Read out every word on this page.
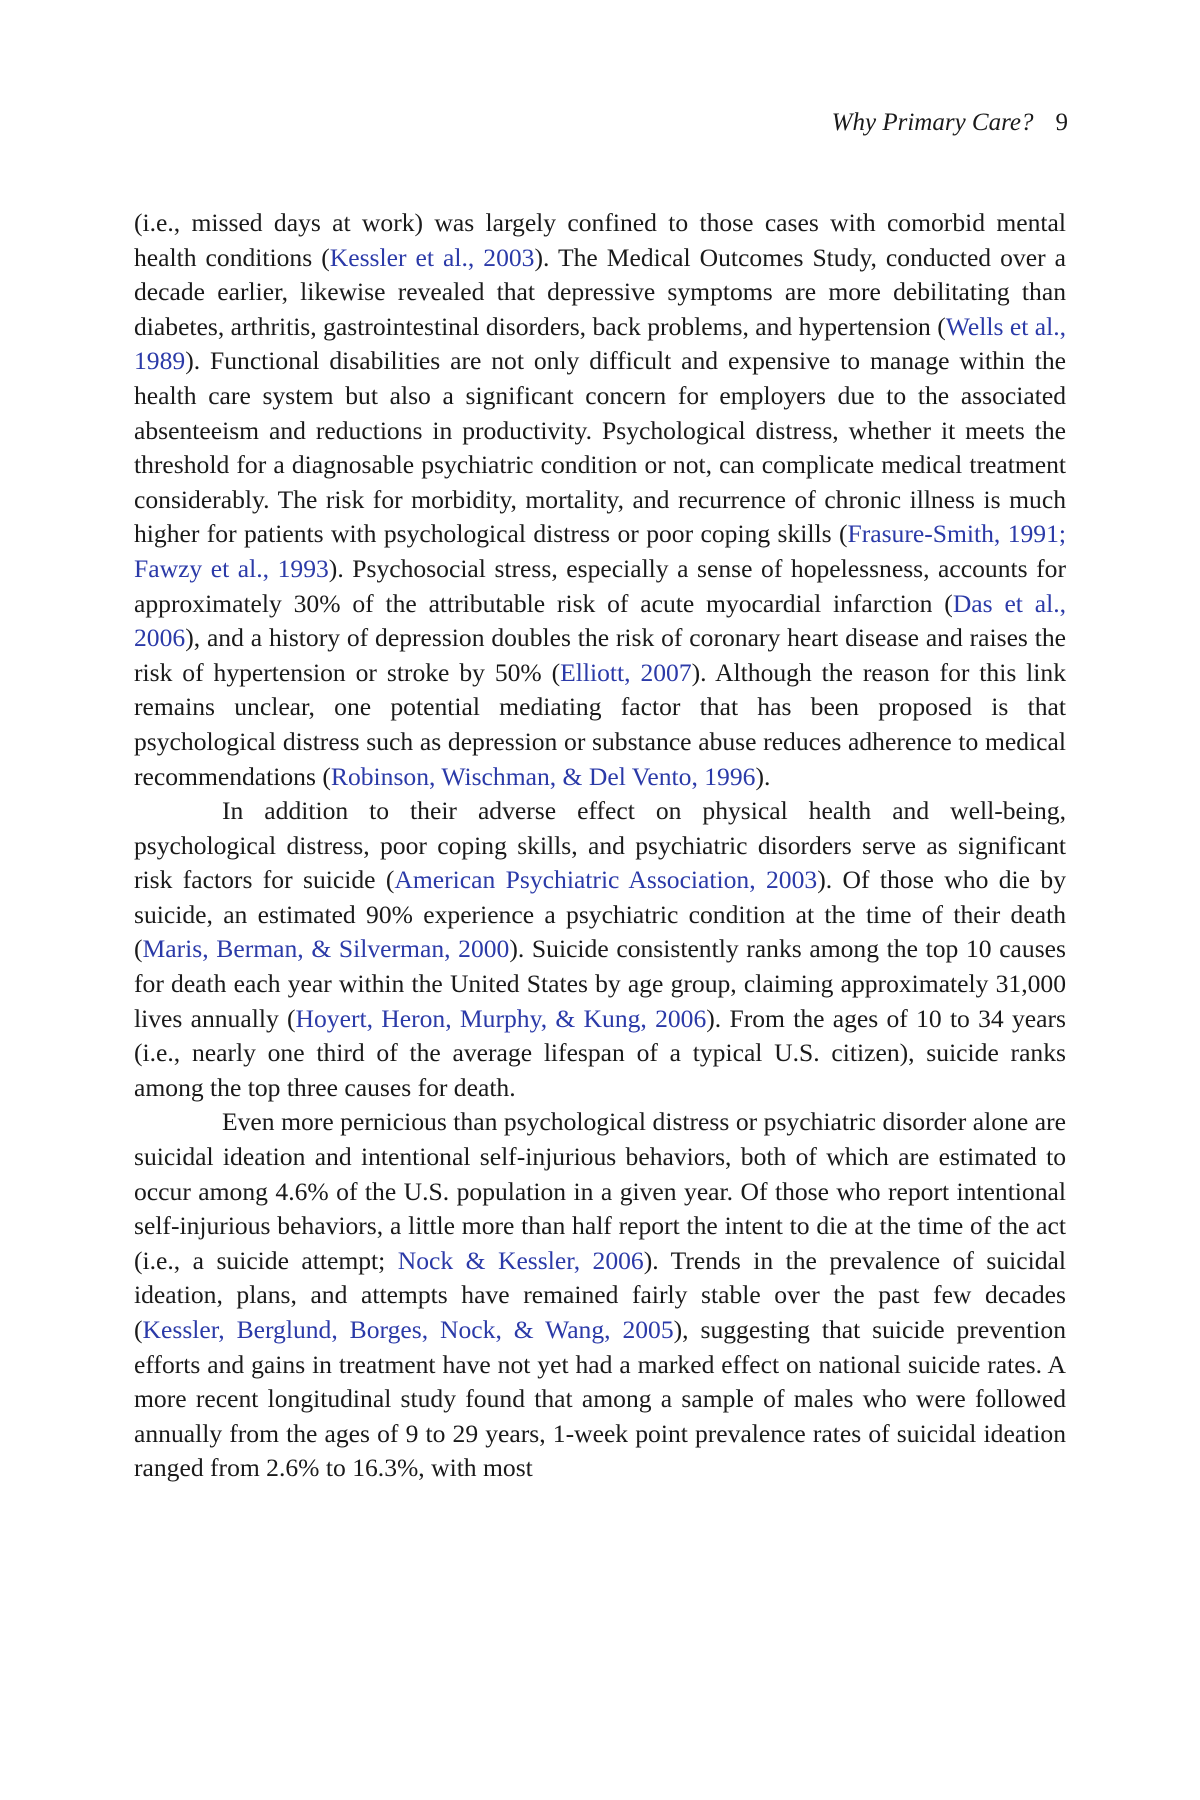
Why Primary Care? 9

(i.e., missed days at work) was largely confined to those cases with comorbid mental health conditions (Kessler et al., 2003). The Medical Outcomes Study, conducted over a decade earlier, likewise revealed that depressive symptoms are more debilitating than diabetes, arthritis, gastrointestinal disorders, back problems, and hypertension (Wells et al., 1989). Functional disabilities are not only difficult and expensive to manage within the health care system but also a significant concern for employers due to the associated absenteeism and reductions in productivity. Psychological distress, whether it meets the threshold for a diagnosable psychiatric condition or not, can complicate medical treatment considerably. The risk for morbidity, mortality, and recurrence of chronic illness is much higher for patients with psychological distress or poor coping skills (Frasure-Smith, 1991; Fawzy et al., 1993). Psychosocial stress, especially a sense of hopelessness, accounts for approximately 30% of the attributable risk of acute myocardial infarction (Das et al., 2006), and a history of depression doubles the risk of coronary heart disease and raises the risk of hypertension or stroke by 50% (Elliott, 2007). Although the reason for this link remains unclear, one potential mediating factor that has been proposed is that psychological distress such as depression or substance abuse reduces adherence to medical recommendations (Robinson, Wischman, & Del Vento, 1996).

In addition to their adverse effect on physical health and well-being, psychological distress, poor coping skills, and psychiatric disorders serve as significant risk factors for suicide (American Psychiatric Association, 2003). Of those who die by suicide, an estimated 90% experience a psychiatric condition at the time of their death (Maris, Berman, & Silverman, 2000). Suicide consistently ranks among the top 10 causes for death each year within the United States by age group, claiming approximately 31,000 lives annually (Hoyert, Heron, Murphy, & Kung, 2006). From the ages of 10 to 34 years (i.e., nearly one third of the average lifespan of a typical U.S. citizen), suicide ranks among the top three causes for death.

Even more pernicious than psychological distress or psychiatric disorder alone are suicidal ideation and intentional self-injurious behaviors, both of which are estimated to occur among 4.6% of the U.S. population in a given year. Of those who report intentional self-injurious behaviors, a little more than half report the intent to die at the time of the act (i.e., a suicide attempt; Nock & Kessler, 2006). Trends in the prevalence of suicidal ideation, plans, and attempts have remained fairly stable over the past few decades (Kessler, Berglund, Borges, Nock, & Wang, 2005), suggesting that suicide prevention efforts and gains in treatment have not yet had a marked effect on national suicide rates. A more recent longitudinal study found that among a sample of males who were followed annually from the ages of 9 to 29 years, 1-week point prevalence rates of suicidal ideation ranged from 2.6% to 16.3%, with most
